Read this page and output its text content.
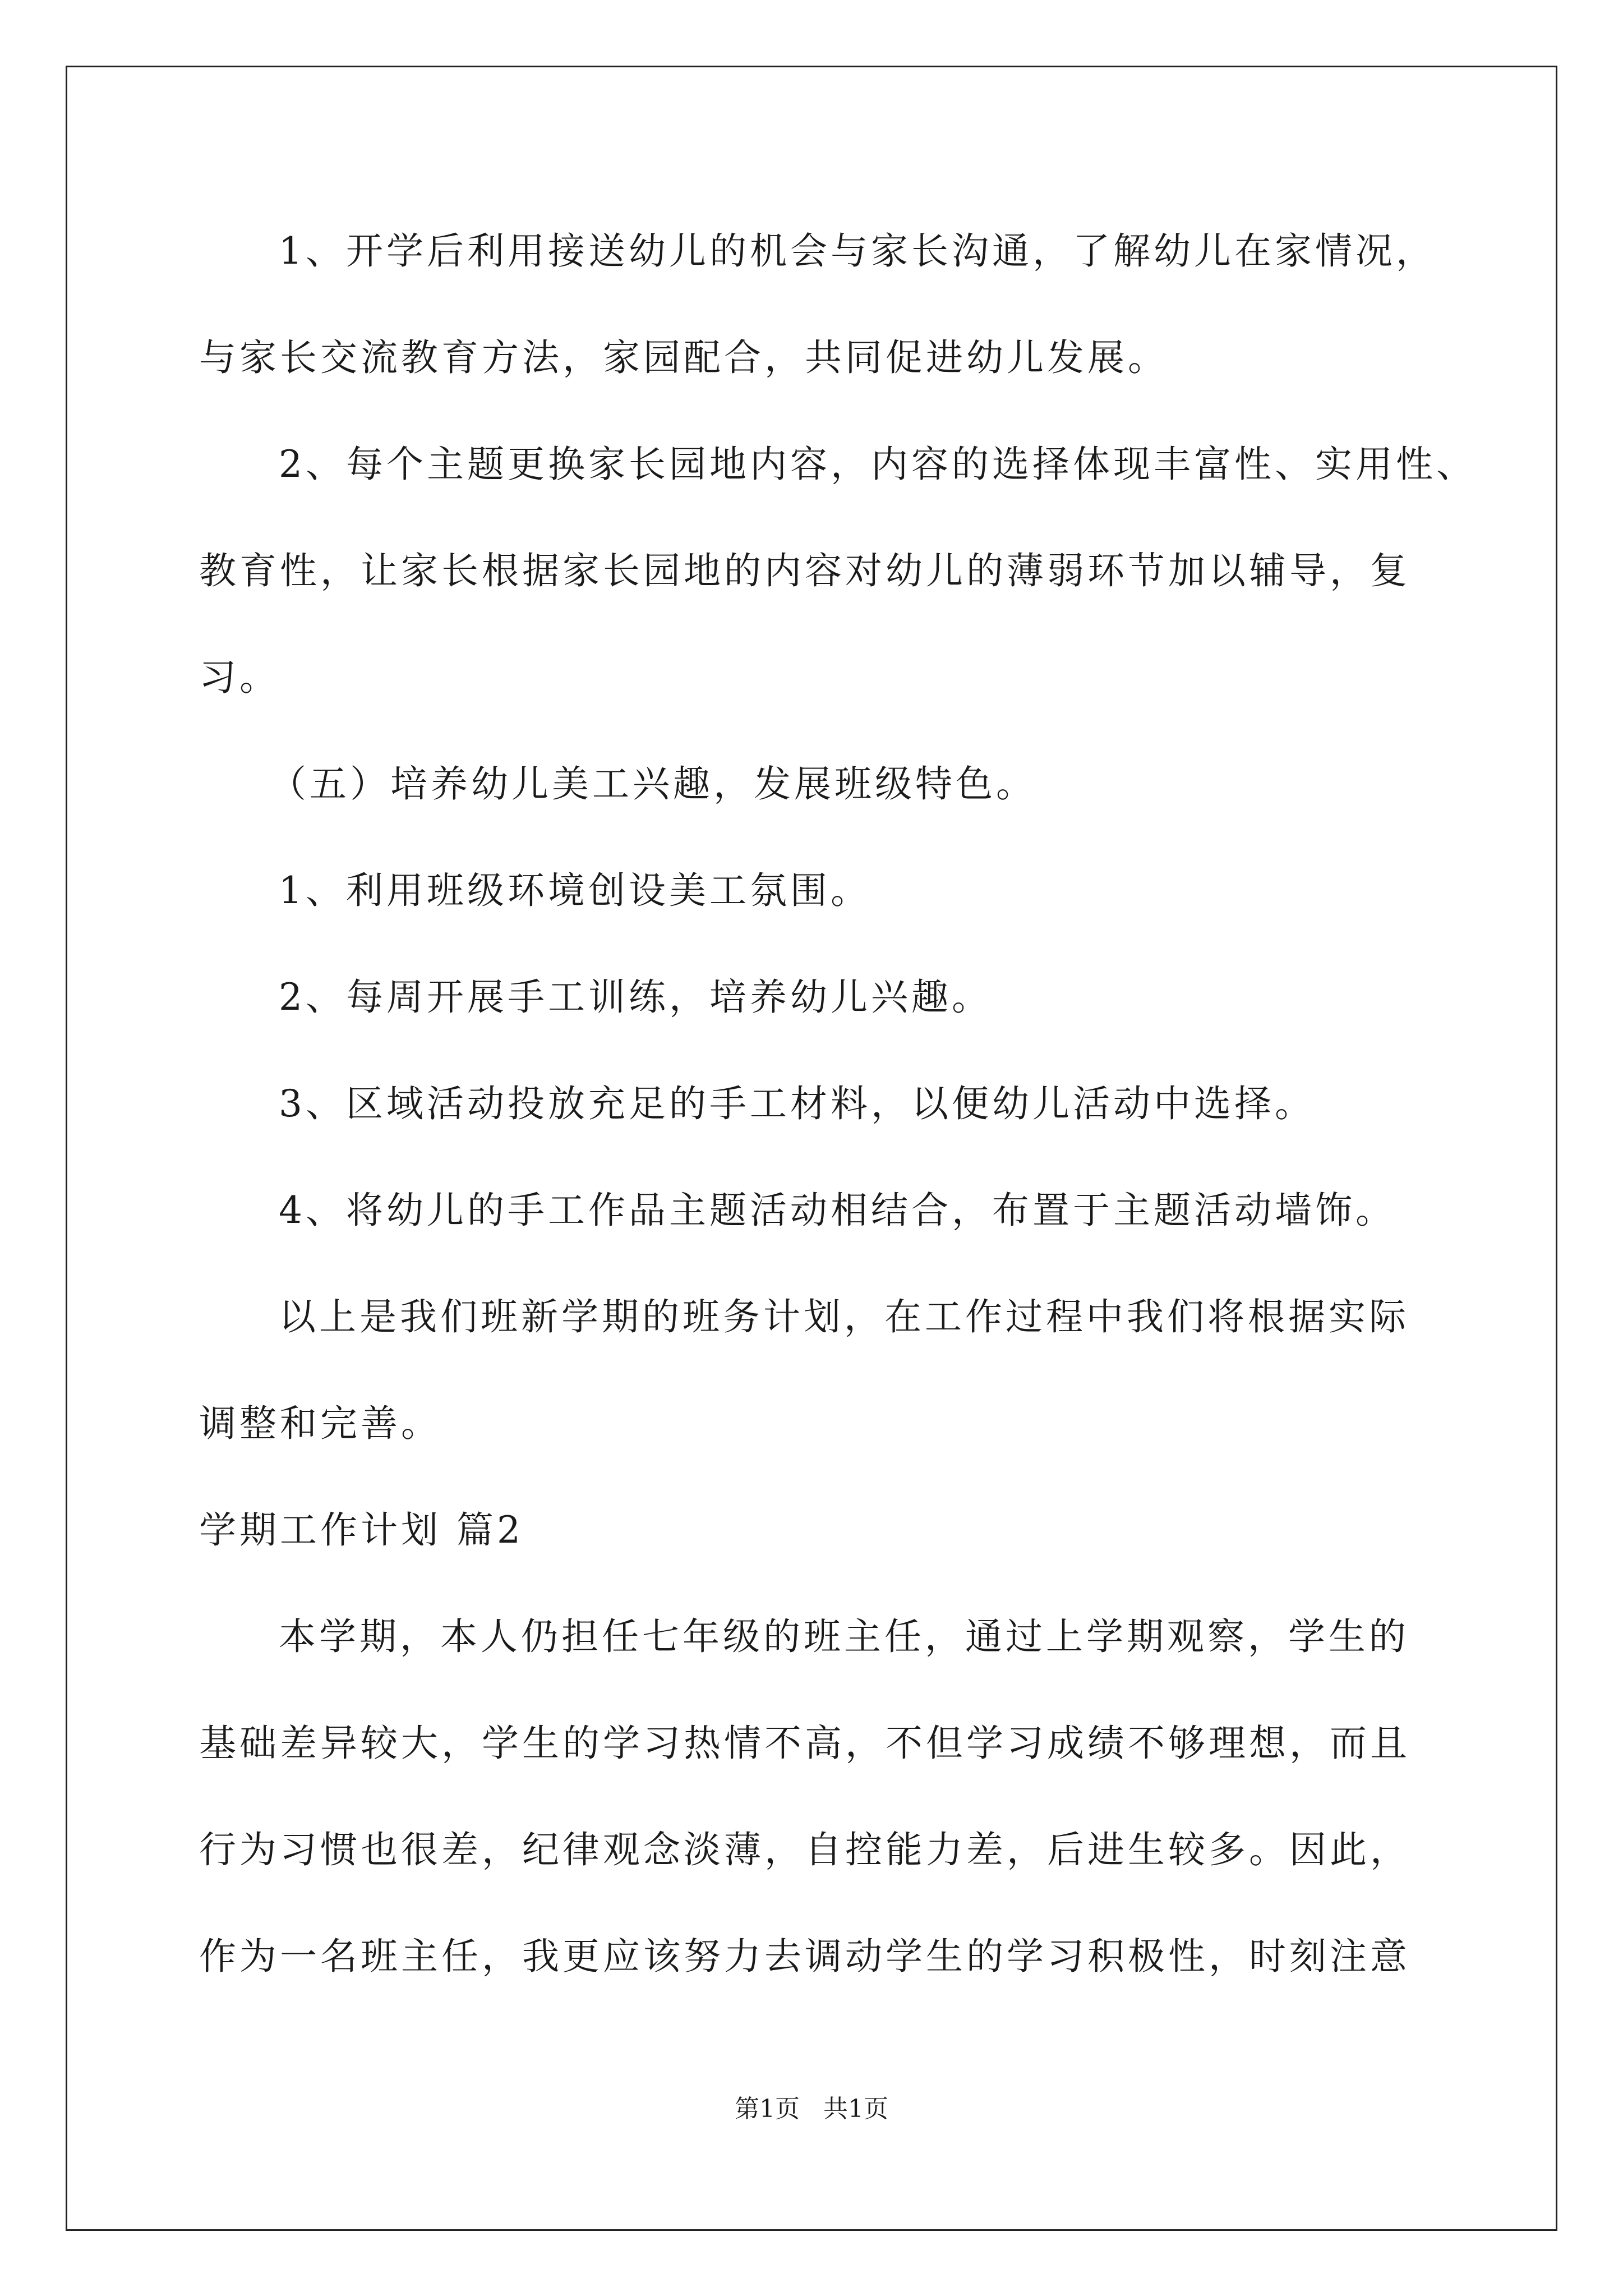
1、开学后利用接送幼儿的机会与家长沟通，了解幼儿在家情况，

与家长交流教育方法，家园配合，共同促进幼儿发展。

2、每个主题更换家长园地内容，内容的选择体现丰富性、实用性、

教育性，让家长根据家长园地的内容对幼儿的薄弱环节加以辅导，复

习。

（五）培养幼儿美工兴趣，发展班级特色。

1、利用班级环境创设美工氛围。

2、每周开展手工训练，培养幼儿兴趣。

3、区域活动投放充足的手工材料，以便幼儿活动中选择。

4、将幼儿的手工作品主题活动相结合，布置于主题活动墙饰。

以上是我们班新学期的班务计划，在工作过程中我们将根据实际

调整和完善。

学期工作计划 篇2

本学期，本人仍担任七年级的班主任，通过上学期观察，学生的

基础差异较大，学生的学习热情不高，不但学习成绩不够理想，而且

行为习惯也很差，纪律观念淡薄，自控能力差，后进生较多。因此，

作为一名班主任，我更应该努力去调动学生的学习积极性，时刻注意

第1页   共1页
